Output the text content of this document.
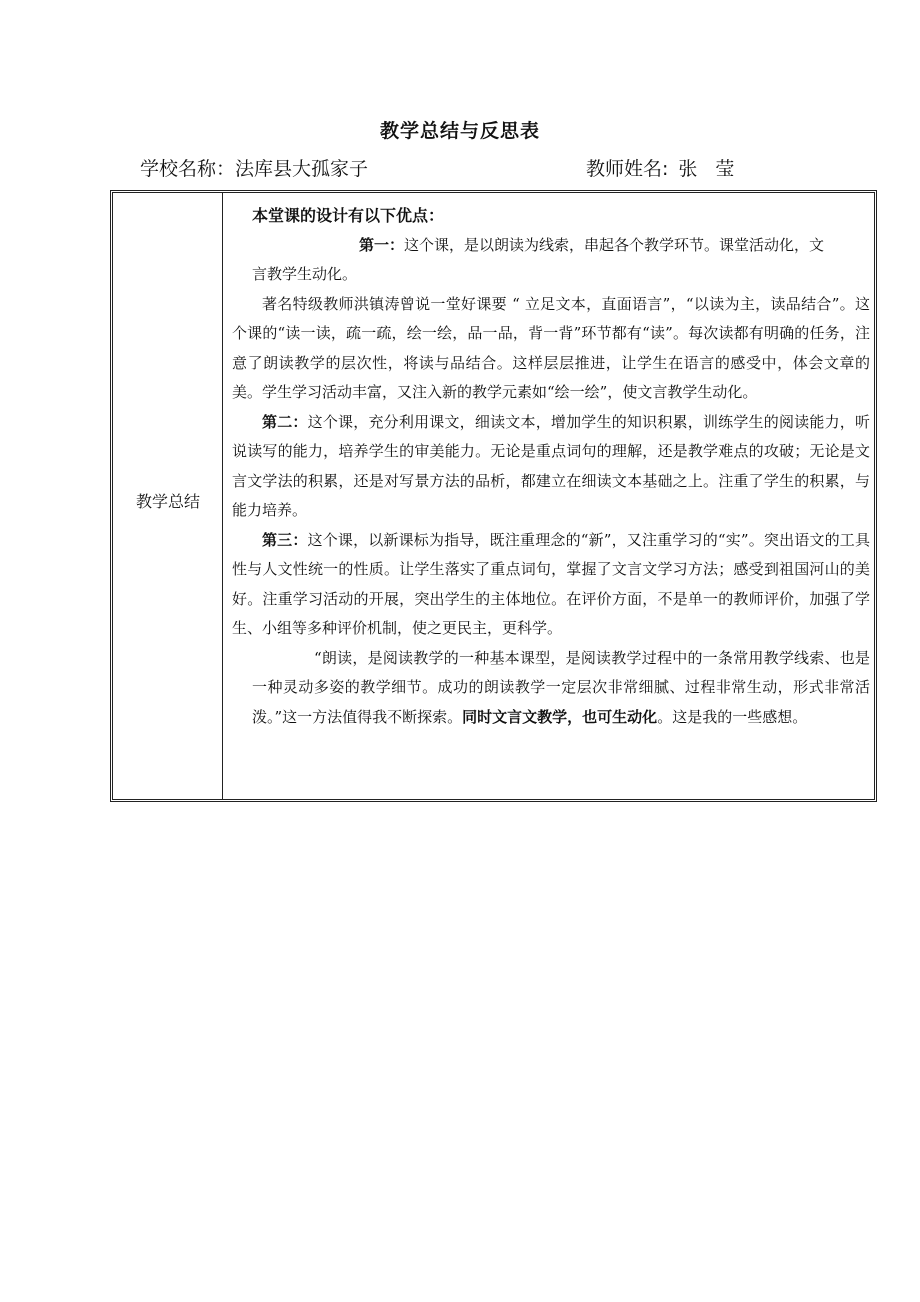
教学总结与反思表
学校名称：法库县大孤家子	教师姓名: 张莹
教学总结

本堂课的设计有以下优点：

第一：这个课，是以朗读为线索，串起各个教学环节。课堂活动化，文
言教学生动化。

著名特级教师洪镇涛曾说一堂好课要 “ 立足文本，直面语言”，“以读为主，读品结合”。这个课的“读一读，疏一疏，绘一绘，品一品，背一背”环节都有“读”。每次读都有明确的任务，注意了朗读教学的层次性，将读与品结合。这样层层推进，让学生在语言的感受中，体会文章的美。学生学习活动丰富，又注入新的教学元素如“绘一绘”，使文言教学生动化。

第二：这个课，充分利用课文，细读文本，增加学生的知识积累，训练学生的阅读能力，听说读写的能力，培养学生的审美能力。无论是重点词句的理解，还是教学难点的攻破；无论是文言文学法的积累，还是对写景方法的品析，都建立在细读文本基础之上。注重了学生的积累，与能力培养。

第三：这个课，以新课标为指导，既注重理念的“新”，又注重学习的“实”。突出语文的工具性与人文性统一的性质。让学生落实了重点词句，掌握了文言文学习方法；感受到祖国河山的美好。注重学习活动的开展，突出学生的主体地位。在评价方面，不是单一的教师评价，加强了学生、小组等多种评价机制，使之更民主，更科学。

“朗读，是阅读教学的一种基本课型，是阅读教学过程中的一条常用教学线索、也是一种灵动多姿的教学细节。成功的朗读教学一定层次非常细腻、过程非常生动，形式非常活泼。”这一方法值得我不断探索。同时文言文教学，也可生动化。这是我的一些感想。
